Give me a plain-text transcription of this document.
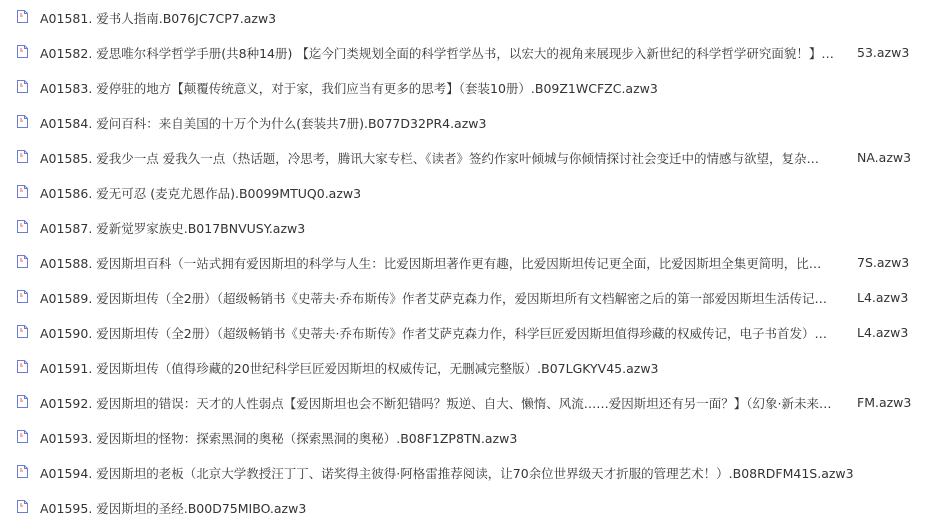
A01581. 爱书人指南.B076JC7CP7.azw3
A01582. 爱思唯尔科学哲学手册(共8种14册) 【迄今门类规划全面的科学哲学丛书，以宏大的视角来展现步入新世纪的科学哲学研究面貌！】…	53.azw3
A01583. 爱停驻的地方【颠覆传统意义，对于家，我们应当有更多的思考】（套装10册）.B09Z1WCFZC.azw3
A01584. 爱问百科：来自美国的十万个为什么(套装共7册).B077D32PR4.azw3
A01585. 爱我少一点 爱我久一点（热话题，冷思考，腾讯大家专栏、《读者》签约作家叶倾城与你倾情探讨社会变迁中的情感与欲望，复杂…	NA.azw3
A01586. 爱无可忍 (麦克尤恩作品).B0099MTUQ0.azw3
A01587. 爱新觉罗家族史.B017BNVUSY.azw3
A01588. 爱因斯坦百科（一站式拥有爱因斯坦的科学与人生：比爱因斯坦著作更有趣，比爱因斯坦传记更全面，比爱因斯坦全集更简明，比…	7S.azw3
A01589. 爱因斯坦传（全2册）（超级畅销书《史蒂夫·乔布斯传》作者艾萨克森力作，爱因斯坦所有文档解密之后的第一部爱因斯坦生活传记…	L4.azw3
A01590. 爱因斯坦传（全2册）（超级畅销书《史蒂夫·乔布斯传》作者艾萨克森力作，科学巨匠爱因斯坦值得珍藏的权威传记，电子书首发）…	L4.azw3
A01591. 爱因斯坦传（值得珍藏的20世纪科学巨匠爱因斯坦的权威传记，无删减完整版）.B07LGKYV45.azw3
A01592. 爱因斯坦的错误：天才的人性弱点【爱因斯坦也会不断犯错吗？叛逆、自大、懒惰、风流……爱因斯坦还有另一面？】（幻象·新未来…	FM.azw3
A01593. 爱因斯坦的怪物：探索黑洞的奥秘（探索黑洞的奥秘）.B08F1ZP8TN.azw3
A01594. 爱因斯坦的老板（北京大学教授汪丁丁、诺奖得主彼得·阿格雷推荐阅读，让70余位世界级天才折服的管理艺术！）.B08RDFM41S.azw3
A01595. 爱因斯坦的圣经.B00D75MIBO.azw3
